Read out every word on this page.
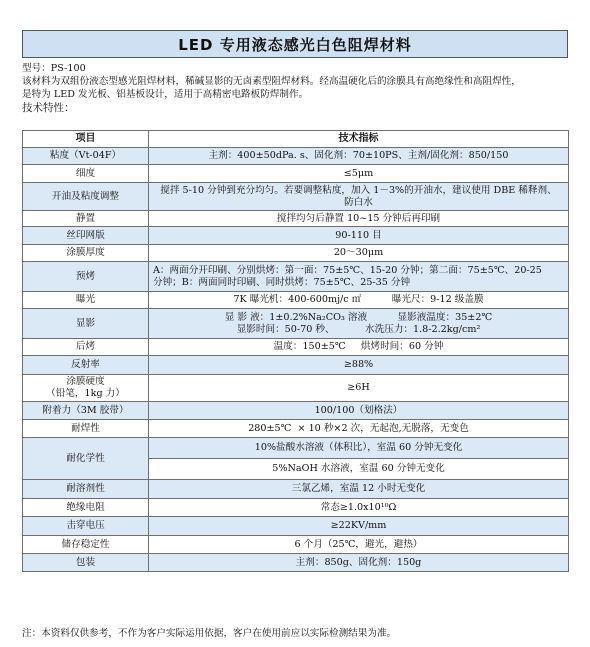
LED 专用液态感光白色阻焊材料
型号：PS-100
该材料为双组份液态型感光阻焊材料，稀碱显影的无卤素型阻焊材料。经高温硬化后的涂膜具有高绝缘性和高阻焊性，
是特为 LED 发光板、铝基板设计，适用于高精密电路板防焊制作。
技术特性：
项目	技术指标
粘度（Vt-04F）	主剂：400±50dPa. s、固化剂：70±10PS、主剂/固化剂：850/150

细度	≤5μm

开油及粘度调整	搅拌 5-10 分钟到充分均匀。若要调整粘度，加入 1－3%的开油水，建议使用 DBE 稀释剂、
防白水

静置	搅拌均匀后静置 10~15 分钟后再印刷

丝印网版	90-110 目

涂膜厚度	20～30μm

预烤	A：两面分开印刷、分别烘烤：第一面：75±5℃、15-20 分钟；第二面：75±5℃、20-25
分钟；B：两面同时印刷、同时烘烤：75±5℃、25-35 分钟

曝光	7K 曝光机：400-600mj/c ㎡          曝光尺：9-12 级盖膜

显影	显 影 液：1±0.2%Na₂CO₃ 溶液          显影液温度：35±2℃
显影时间：50-70 秒、          水洗压力：1.8-2.2kg/cm²

后烤	温度：150±5℃     烘烤时间：60 分钟

反射率	≥88%

涂膜硬度
（铅笔，1kg 力）	≥6H

附着力（3M 胶带）	100/100（划格法）

耐焊性	280±5℃  × 10 秒×2 次，无起泡,无脱落，无变色

耐化学性	10%盐酸水溶液（体积比），室温 60 分钟无变化
	5%NaOH 水溶液，室温 60 分钟无变化
耐溶剂性	三氯乙烯，室温 12 小时无变化

绝缘电阻	常态≥1.0x10¹⁰Ω

击穿电压	≥22KV/mm

储存稳定性	6 个月（25℃，避光，避热）

包装	主剂：850g、固化剂：150g
注：本资料仅供参考，不作为客户实际运用依据，客户在使用前应以实际检测结果为准。
